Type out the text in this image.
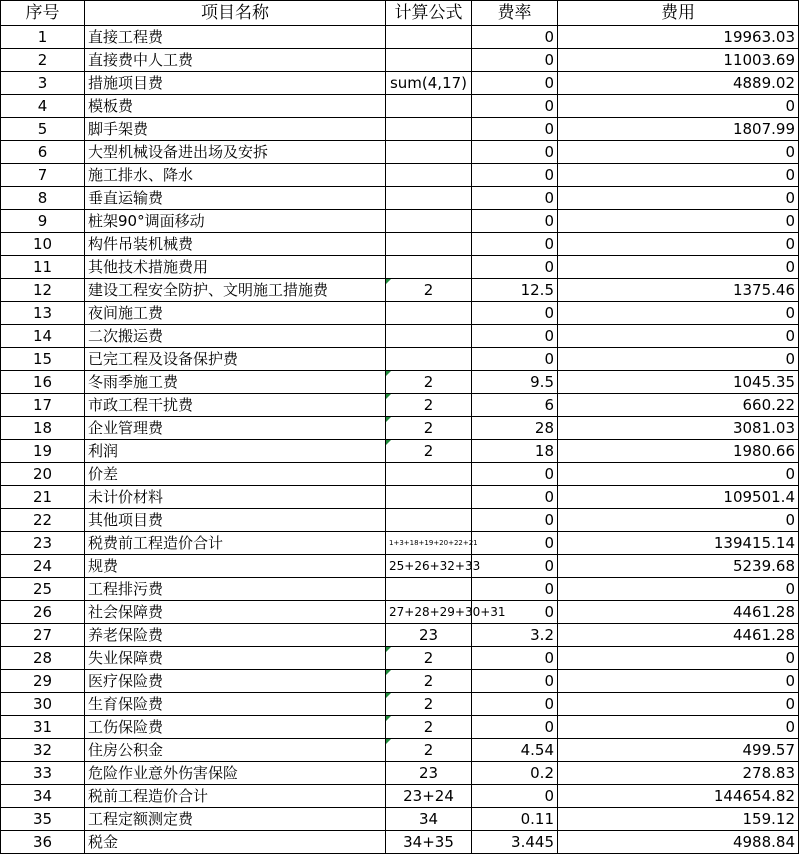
序号	项目名称	计算公式	费率	费用
1	直接工程费		0	19963.03
2	直接费中人工费		0	11003.69
3	措施项目费	sum(4,17)	0	4889.02
4	模板费		0	0
5	脚手架费		0	1807.99
6	大型机械设备进出场及安拆		0	0
7	施工排水、降水		0	0
8	垂直运输费		0	0
9	桩架90°调面移动		0	0
10	构件吊装机械费		0	0
11	其他技术措施费用		0	0
12	建设工程安全防护、文明施工措施费	2	12.5	1375.46
13	夜间施工费		0	0
14	二次搬运费		0	0
15	已完工程及设备保护费		0	0
16	冬雨季施工费	2	9.5	1045.35
17	市政工程干扰费	2	6	660.22
18	企业管理费	2	28	3081.03
19	利润	2	18	1980.66
20	价差		0	0
21	未计价材料		0	109501.4
22	其他项目费		0	0
23	税费前工程造价合计	1+3+18+19+20+22+21	0	139415.14
24	规费	25+26+32+33	0	5239.68
25	工程排污费		0	0
26	社会保障费	27+28+29+30+31	0	4461.28
27	养老保险费	23	3.2	4461.28
28	失业保障费	2	0	0
29	医疗保险费	2	0	0
30	生育保险费	2	0	0
31	工伤保险费	2	0	0
32	住房公积金	2	4.54	499.57
33	危险作业意外伤害保险	23	0.2	278.83
34	税前工程造价合计	23+24	0	144654.82
35	工程定额测定费	34	0.11	159.12
36	税金	34+35	3.445	4988.84
